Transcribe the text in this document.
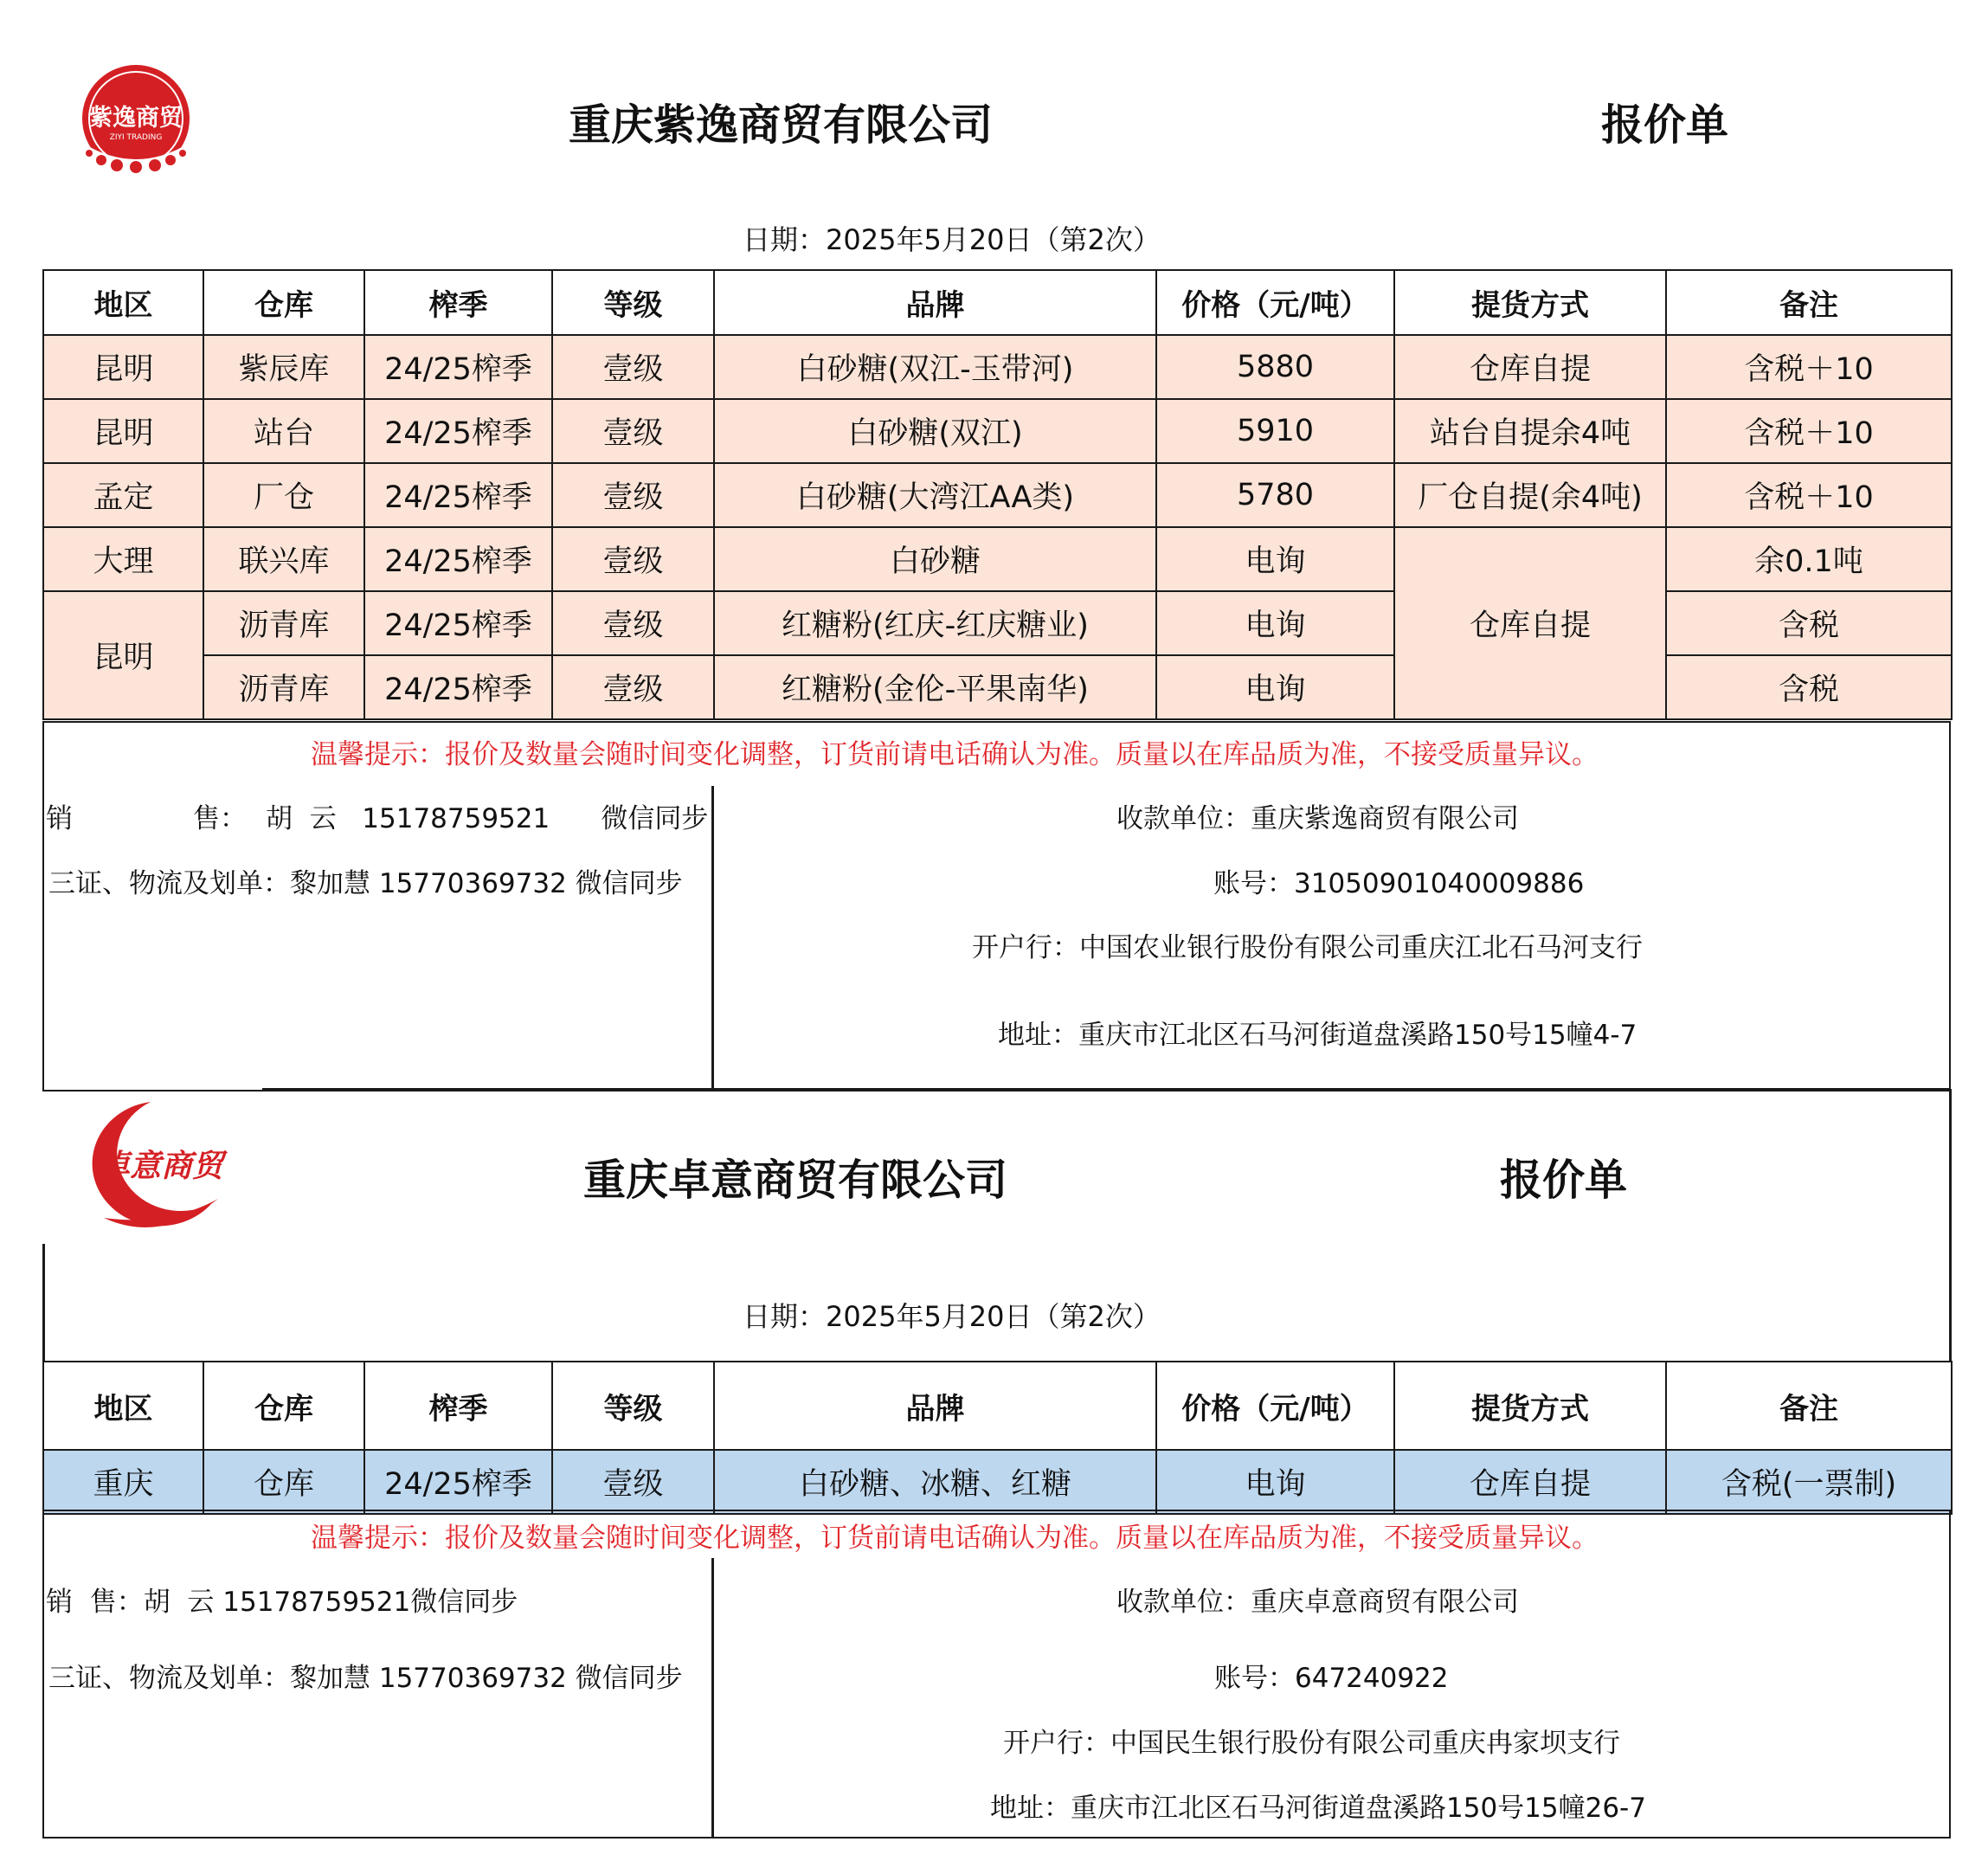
紫逸商贸
ZIYI TRADING	重庆紫逸商贸有限公司	报价单
日期：2025年5月20日（第2次）
地区	仓库	榨季	等级	品牌	价格（元/吨）	提货方式	备注
昆明	紫辰库	24/25榨季	壹级	白砂糖(双江-玉带河)	5880	仓库自提	含税＋10
昆明	站台	24/25榨季	壹级	白砂糖(双江)	5910	站台自提余4吨	含税＋10
孟定	厂仓	24/25榨季	壹级	白砂糖(大湾江AA类)	5780	厂仓自提(余4吨)	含税＋10
大理	联兴库	24/25榨季	壹级	白砂糖	电询	仓库自提	余0.1吨
昆明	沥青库	24/25榨季	壹级	红糖粉(红庆-红庆糖业)	电询		含税
	沥青库	24/25榨季	壹级	红糖粉(金伦-平果南华)	电询		含税
温馨提示：报价及数量会随时间变化调整，订货前请电话确认为准。质量以在库品质为准，不接受质量异议。
销	售： 胡  云   15178759521      微信同步
三证、物流及划单：黎加慧 15770369732 微信同步
收款单位：重庆紫逸商贸有限公司
账号：31050901040009886
开户行：中国农业银行股份有限公司重庆江北石马河支行
地址：重庆市江北区石马河街道盘溪路150号15幢4-7
卓意商贸	重庆卓意商贸有限公司	报价单
日期：2025年5月20日（第2次）
地区	仓库	榨季	等级	品牌	价格（元/吨）	提货方式	备注
重庆	仓库	24/25榨季	壹级	白砂糖、冰糖、红糖	电询	仓库自提	含税(一票制)
温馨提示：报价及数量会随时间变化调整，订货前请电话确认为准。质量以在库品质为准，不接受质量异议。
销  售：胡  云 15178759521微信同步
三证、物流及划单：黎加慧 15770369732 微信同步
收款单位：重庆卓意商贸有限公司
账号：647240922
开户行：中国民生银行股份有限公司重庆冉家坝支行
地址：重庆市江北区石马河街道盘溪路150号15幢26-7
